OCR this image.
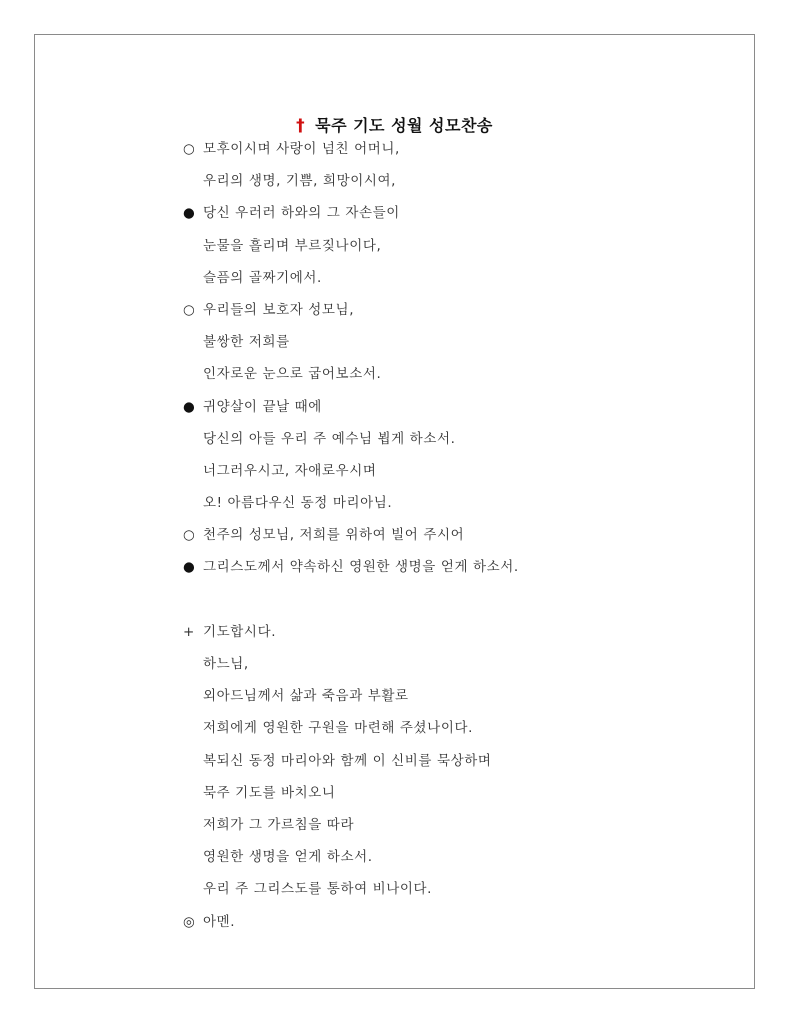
† 묵주 기도 성월 성모찬송
○ 모후이시며 사랑이 넘친 어머니,
우리의 생명, 기쁨, 희망이시여,
● 당신 우러러 하와의 그 자손들이
눈물을 흘리며 부르짖나이다,
슬픔의 골짜기에서.
○ 우리들의 보호자 성모님,
불쌍한 저희를
인자로운 눈으로 굽어보소서.
● 귀양살이 끝날 때에
당신의 아들 우리 주 예수님 뵙게 하소서.
너그러우시고, 자애로우시며
오! 아름다우신 동정 마리아님.
○ 천주의 성모님, 저희를 위하여 빌어 주시어
● 그리스도께서 약속하신 영원한 생명을 얻게 하소서.
+ 기도합시다.
하느님,
외아드님께서 삶과 죽음과 부활로
저희에게 영원한 구원을 마련해 주셨나이다.
복되신 동정 마리아와 함께 이 신비를 묵상하며
묵주 기도를 바치오니
저희가 그 가르침을 따라
영원한 생명을 얻게 하소서.
우리 주 그리스도를 통하여 비나이다.
◎ 아멘.
